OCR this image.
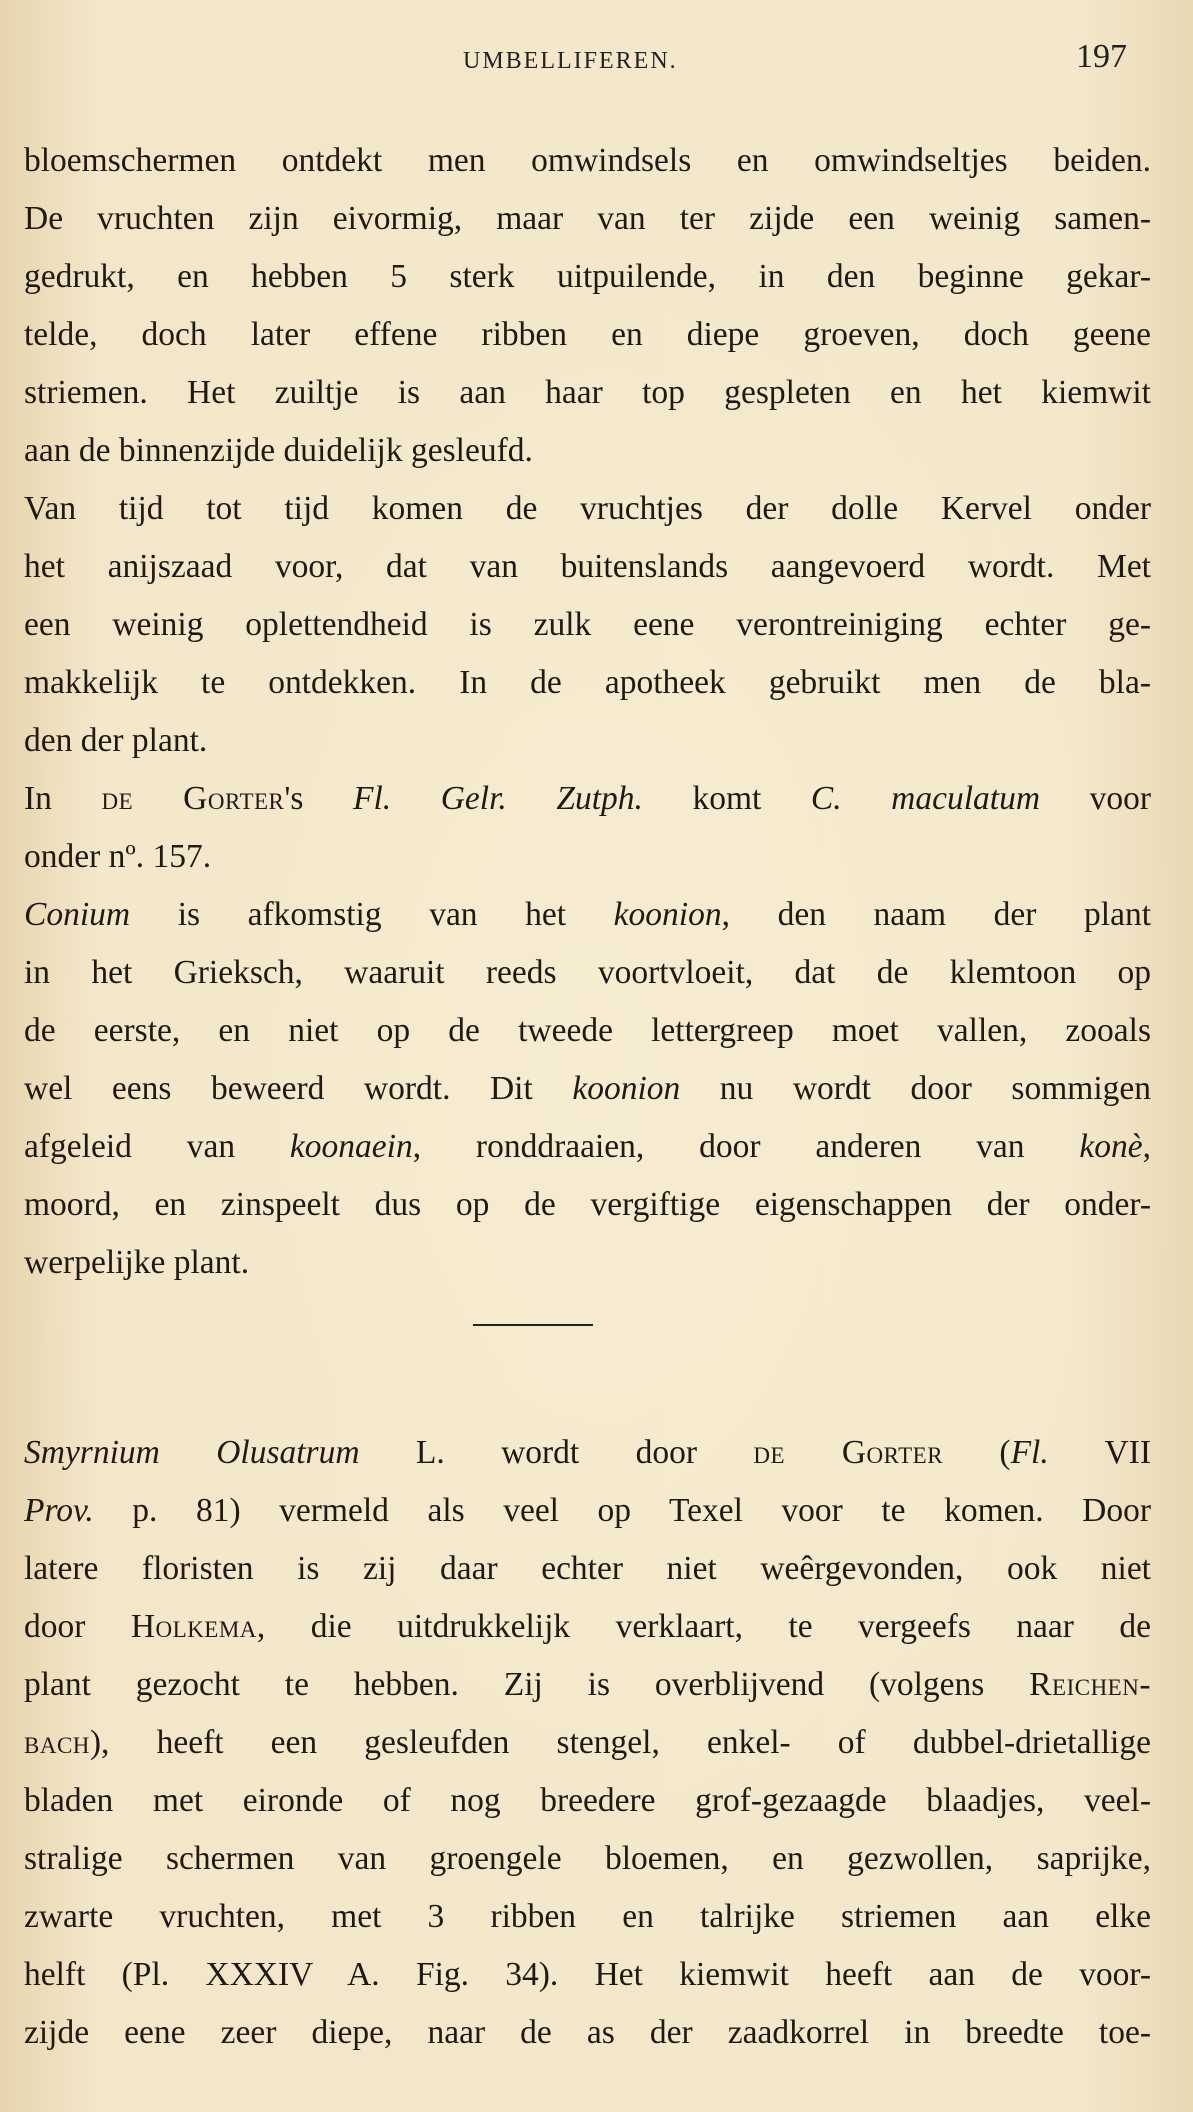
UMBELLIFEREN.	197
bloemschermen ontdekt men omwindsels en omwindseltjes beiden.
De vruchten zijn eivormig, maar van ter zijde een weinig samen-
gedrukt, en hebben 5 sterk uitpuilende, in den beginne gekar-
telde, doch later effene ribben en diepe groeven, doch geene
striemen. Het zuiltje is aan haar top gespleten en het kiemwit
aan de binnenzijde duidelijk gesleufd.
Van tijd tot tijd komen de vruchtjes der dolle Kervel onder
het anijszaad voor, dat van buitenslands aangevoerd wordt. Met
een weinig oplettendheid is zulk eene verontreiniging echter ge-
makkelijk te ontdekken. In de apotheek gebruikt men de bla-
den der plant.
In de Gorter's Fl. Gelr. Zutph. komt C. maculatum voor
onder nº. 157.
Conium is afkomstig van het koonion, den naam der plant
in het Grieksch, waaruit reeds voortvloeit, dat de klemtoon op
de eerste, en niet op de tweede lettergreep moet vallen, zooals
wel eens beweerd wordt. Dit koonion nu wordt door sommigen
afgeleid van koonaein, ronddraaien, door anderen van konè,
moord, en zinspeelt dus op de vergiftige eigenschappen der onder-
werpelijke plant.
Smyrnium Olusatrum L. wordt door de Gorter (Fl. VII
Prov. p. 81) vermeld als veel op Texel voor te komen. Door
latere floristen is zij daar echter niet weêrgevonden, ook niet
door Holkema, die uitdrukkelijk verklaart, te vergeefs naar de
plant gezocht te hebben. Zij is overblijvend (volgens Reichen-
bach), heeft een gesleufden stengel, enkel- of dubbel-drietallige
bladen met eironde of nog breedere grof-gezaagde blaadjes, veel-
stralige schermen van groengele bloemen, en gezwollen, saprijke,
zwarte vruchten, met 3 ribben en talrijke striemen aan elke
helft (Pl. XXXIV A. Fig. 34). Het kiemwit heeft aan de voor-
zijde eene zeer diepe, naar de as der zaadkorrel in breedte toe-
